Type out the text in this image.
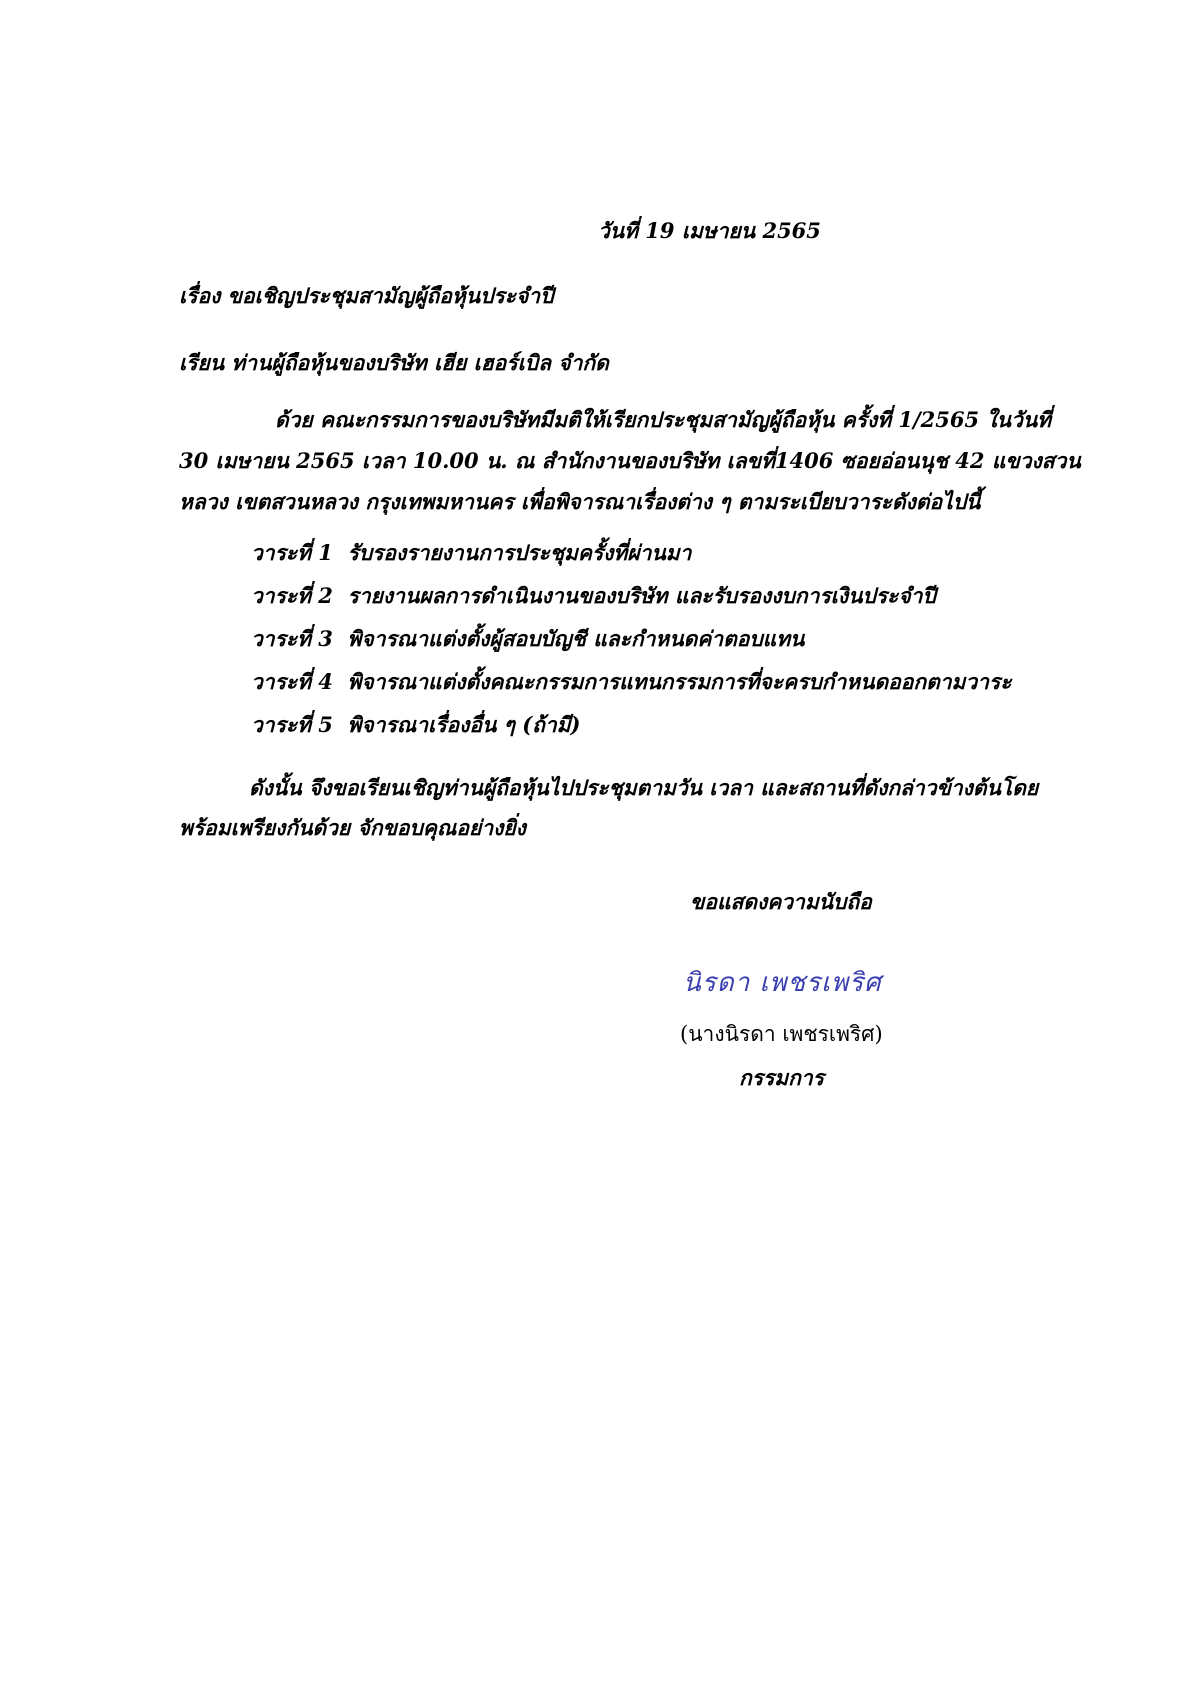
วันที่ 19 เมษายน 2565
เรื่อง ขอเชิญประชุมสามัญผู้ถือหุ้นประจำปี
เรียน ท่านผู้ถือหุ้นของบริษัท เฮีย เฮอร์เบิล จำกัด
ด้วย คณะกรรมการของบริษัทมีมติให้เรียกประชุมสามัญผู้ถือหุ้น ครั้งที่ 1/2565 ในวันที่
30 เมษายน 2565 เวลา 10.00 น. ณ สำนักงานของบริษัท เลขที่1406 ซอยอ่อนนุช 42 แขวงสวน
หลวง เขตสวนหลวง กรุงเทพมหานคร เพื่อพิจารณาเรื่องต่าง ๆ ตามระเบียบวาระดังต่อไปนี้
วาระที่ 1 รับรองรายงานการประชุมครั้งที่ผ่านมา
วาระที่ 2 รายงานผลการดำเนินงานของบริษัท และรับรองงบการเงินประจำปี
วาระที่ 3 พิจารณาแต่งตั้งผู้สอบบัญชี และกำหนดค่าตอบแทน
วาระที่ 4 พิจารณาแต่งตั้งคณะกรรมการแทนกรรมการที่จะครบกำหนดออกตามวาระ
วาระที่ 5 พิจารณาเรื่องอื่น ๆ (ถ้ามี)
ดังนั้น จึงขอเรียนเชิญท่านผู้ถือหุ้นไปประชุมตามวัน เวลา และสถานที่ดังกล่าวข้างต้นโดย
พร้อมเพรียงกันด้วย จักขอบคุณอย่างยิ่ง
ขอแสดงความนับถือ
นิรดา เพชรเพริศ
(นางนิรดา เพชรเพริศ)
กรรมการ
